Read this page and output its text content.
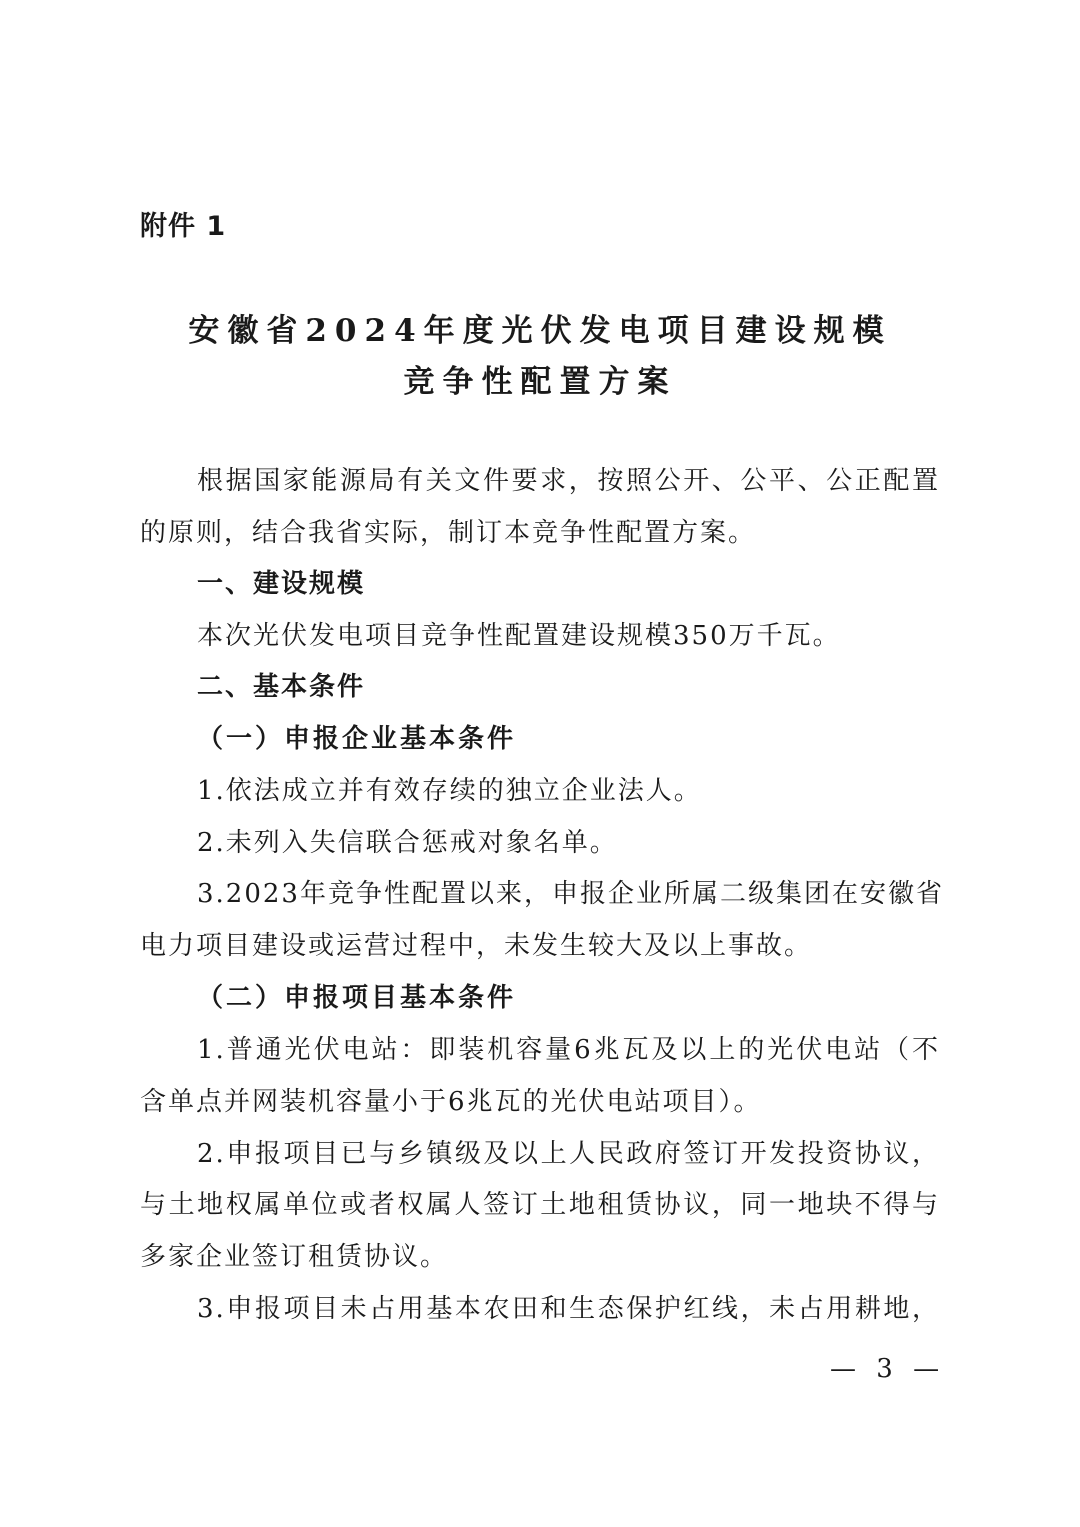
附件 1
安徽省2024年度光伏发电项目建设规模
竞争性配置方案
根据国家能源局有关文件要求，按照公开、公平、公正配置
的原则，结合我省实际，制订本竞争性配置方案。
一、建设规模
本次光伏发电项目竞争性配置建设规模350万千瓦。
二、基本条件
（一）申报企业基本条件
1.依法成立并有效存续的独立企业法人。
2.未列入失信联合惩戒对象名单。
3.2023年竞争性配置以来，申报企业所属二级集团在安徽省
电力项目建设或运营过程中，未发生较大及以上事故。
（二）申报项目基本条件
1.普通光伏电站：即装机容量6兆瓦及以上的光伏电站（不
含单点并网装机容量小于6兆瓦的光伏电站项目）。
2.申报项目已与乡镇级及以上人民政府签订开发投资协议，
与土地权属单位或者权属人签订土地租赁协议，同一地块不得与
多家企业签订租赁协议。
3.申报项目未占用基本农田和生态保护红线，未占用耕地，
— 3 —
